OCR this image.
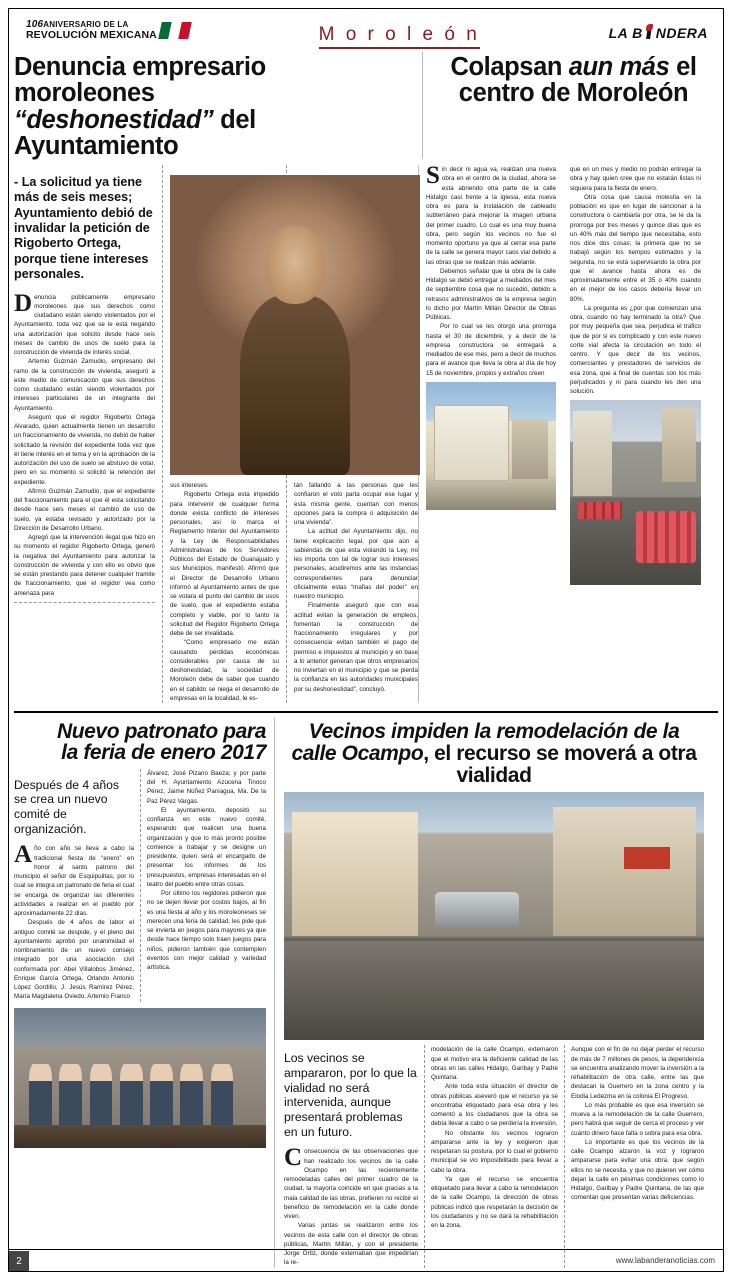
106ANIVERSARIO DE LA
REVOLUCIÓN MEXICANA	M o r o l e ó n	LA B NDERA
Denuncia empresario moroleones
“deshonestidad” del Ayuntamiento
Colapsan aun más el
centro de Moroleón
- La solicitud ya tiene más de seis meses; Ayuntamiento debió de invalidar la petición de Rigoberto Ortega, porque tiene intereses personales.

Denuncia públicamente empresario moroleones que sus derechos como ciudadano están siendo violentados por el Ayuntamiento, toda vez que se le está negando una autorización que solicito desde hace seis meses de cambio de usos de suelo para la construcción de vivienda de interés social.

Artemio Guzmán Zamudio, empresario del ramo de la construcción de vivienda, aseguró a este medio de comunicación que sus derechos como ciudadano están siendo violentados por intereses particulares de un integrante del Ayuntamiento.

Aseguró que el regidor Rigoberto Ortega Alvarado, quien actualmente tienen un desarrollo un fraccionamiento de vivienda, no debió de haber solicitado la revisión del expediente toda vez que él tiene interés en el tema y en la aprobación de la autorización del uso de suelo se abstuvo de votar, pero en su momento si solicitó la retención del expediente.

Afirmó Guzmán Zamudio, que el expediente del fraccionamiento para el que él esta solicitando desde hace seis meses el cambio de uso de suelo, ya estaba revisado y autorizado por la Dirección de Desarrollo Urbano.

Agregó que la intervención ilegal que hizo en su momento el regidor Rigoberto Ortega, generó la negativa del Ayuntamiento para autorizar la construcción de vivienda y con ello es obvio que se están prestando para detener cualquier tramite de fraccionamiento, que el regidor vea como amenaza para

sus intereses.

Rigoberto Ortega esta impedido para intervenir de cualquier forma donde exista conflicto de intereses personales, así lo marca el Reglamento Interior del Ayuntamiento y la Ley de Responsabilidades Administrativas de los Servidores Públicos del Estado de Guanajuato y sus Municipios, manifestó. Afirmó que el Director de Desarrollo Urbano informó al Ayuntamiento antes de que se votara el punto del cambio de usos de suelo, que el expediente estaba completo y viable, por lo tanto la solicitud del Regidor Rigoberto Ortega debe de ser invalidada.

“Como empresario me están causando pérdidas económicas considerables por causa de su deshonestidad, la sociedad de Moroleón debe de saber que cuando en el cabildo se niega el desarrollo de empresas en la localidad, le es-

tán fallando a las personas que les confiaron el voto parta ocupar ese lugar y esta misma gente, cuentan con menos opciones para la compra o adquisición de una vivienda”.

La actitud del Ayuntamiento dijo, no tiene explicación legal, por que aún a sabiendas de que esta violando la Ley, no les importa con tal de lograr sus intereses personales, acudiremos ante las instancias correspondientes para denunciar oficialmente estas “mafias del poder” en nuestro municipio.

Finalmente aseguró que con esa actitud evitan la generación de empleos, fomentan la construcción de fraccionamiento irregulares y por consecuencia evitan también el pago de permiso e impuestos al municipio y en base a lo anterior generan que otros empresarios no inviertan en el municipio y que se pierda la confianza en las autoridades municipales por su deshonestidad”, concluyó.

Sin decir ni agua va, realizan una nueva obra en el centro de la ciudad, ahora se esta abriendo otra parte de la calle Hidalgo casi frente a la iglesia, esta nueva obra es para la instalación de cableado subterráneo para mejorar la imagen urbana del primer cuadro. Lo cual es una muy buena obra, pero según los vecinos no fue el momento oportuno ya que al cerrar esa parte de la calle se genera mayor caos vial debido a las obras que se realizan más adelante.

Debemos señalar que la obra de la calle Hidalgo se debió entregar a mediados del mes de septiembre cosa que no sucedió, debido a retrasos administrativos de la empresa según lo dicho por Martín Millán Director de Obras Públicas.

Por lo cual se les otorgó una prorroga hasta el 30 de diciembre, y a decir de la empresa constructora se entregará a mediados de ese mes, pero a decir de muchos para el avance que lleva la obra al día de hoy 15 de noviembre, propios y extraños creen

que en un mes y medio no podrán entregar la obra y hay quien cree que no estarán listas ni siquiera para la fiesta de enero.

Otra cosa que causa molestia en la población es que en lugar de sancionar a la constructora o cambiarla por otra, se le da la prorroga por tres meses y quince días que es un 40% más del tiempo que necesitaba, esto nos dice dos cosas; la primera que no se trabajó según los tiempos estimados y la segunda, no se está supervisando la obra por que el avance hasta ahora es de aproximadamente entre el 35 o 40% cuando en el mejor de los casos debería llevar un 80%.

La pregunta es ¿por que comienzan una obra, cuando no hay terminado la otra? Que por muy pequeña que sea, perjudica el trafico que de por si es complicado y con este nuevo corte vial afecta la circulación en todo el centro. Y que decir de los vecinos, comerciantes y prestadores de servicios de esa zona, que a final de cuentas son los más perjudicados y ni para cuando les den una solución.

Nuevo patronato para
la feria de enero 2017
Después de 4 años se crea un nuevo comité de organización.

Año con año se lleva a cabo la tradicional fiesta de “enero” en honor al santo patrono del municipio el señor de Esquipulitas, por lo cual se integra un patronato de feria el cual se encarga de organizar las diferentes actividades a realizar en el pueblo por aproximadamente 22 días.

Después de 4 años de labor el antiguo comité se despide, y el pleno del ayuntamiento aprobó por unanimidad el nombramiento de un nuevo consejo integrado por una asociación civil conformada por: Abel Villalobos Jiménez, Enrique García Ortega, Orlando Antonio López Gordillo, J. Jesús Ramírez Pérez, María Magdalena Oviedo, Artemio Franco

Álvarez, José Pizano Baeza; y por parte del H. Ayuntamiento Azucena Tinoco Pérez, Jaime Núñez Paniagua, Ma. De la Paz Pérez Vargas.

El ayuntamiento, depositó su confianza en este nuevo comité, esperando que realicen una buena organización y que lo más pronto posible comience a trabajar y se designe un presidente, quien será el encargado de presentar los informes de los presupuestos, empresas interesadas en el teatro del pueblo entre otras cosas.

Por último los regidores pidieron que no se dejen llevar por costos bajos, al fin es una fiesta al año y los moroleoneses se merecen una feria de calidad, les pide que se invierta en juegos para mayores ya que desde hace tiempo solo traen juegos para niños, pidieron también que contemplen eventos con mejor calidad y variedad artística.

Vecinos impiden la remodelación de la calle Ocampo, el recurso se moverá a otra vialidad
Los vecinos se ampararon, por lo que la vialidad no será intervenida, aunque presentará problemas en un futuro.

Consecuencia de las observaciones que han realizado los vecinos de la calle Ocampo en las recientemente remodeladas calles del primer cuadro de la ciudad, la mayoría coincide en que gracias a la mala calidad de las obras, prefieren no recibir el beneficio de remodelación en la calle donde viven.

Varias juntas se realizaron entre los vecinos de esta calle con el director de obras públicas, Martín Millán, y con el presidente Jorge Ortiz, donde externaban que impedirían la re-

modelación de la calle Ocampo, externaron que el motivo era la deficiente calidad de las obras en las calles Hidalgo, Garibay y Padre Quintana.

Ante toda esta situación el director de obras públicas aseveró que el recurso ya se encontraba etiquetado para esa obra y les comentó a los ciudadanos que la obra se debía llevar a cabo o se perdería la inversión.

No obstante los vecinos lograron ampararse ante la ley y exigieron que respetaran su postura, por lo cual el gobierno municipal se vio imposibilitado para llevar a cabo la obra.

Ya que el recurso se encuentra etiquetado para llevar a cabo la remodelación de la calle Ocampo, la dirección de obras públicas indicó que respetarán la decisión de los ciudadanos y no se dará la rehabilitación en la zona.

Aunque con el fin de no dejar perder el recurso de más de 7 millones de pesos, la dependencia se encuentra analizando mover la inversión a la rehabilitación de otra calle, entre las que destacan la Guerrero en la zona centro y la Elodia Ledezma en la colonia El Progreso.

Lo más probable es que esa inversión se mueva a la remodelación de la calle Guerrero, pero habrá que seguir de cerca el proceso y ver cuánto dinero hace falta o sobra para esa obra.

Lo importante es que los vecinos de la calle Ocampo alzaron la voz y lograron ampararse para evitar una obra, que según ellos no se necesita, y que no quieren ver cómo dejan la calle en pésimas condiciones como lo Hidalgo, Garibay y Padre Quintana, de las que comentan que presentan varias deficiencias.

www.labanderanoticias.com
2
